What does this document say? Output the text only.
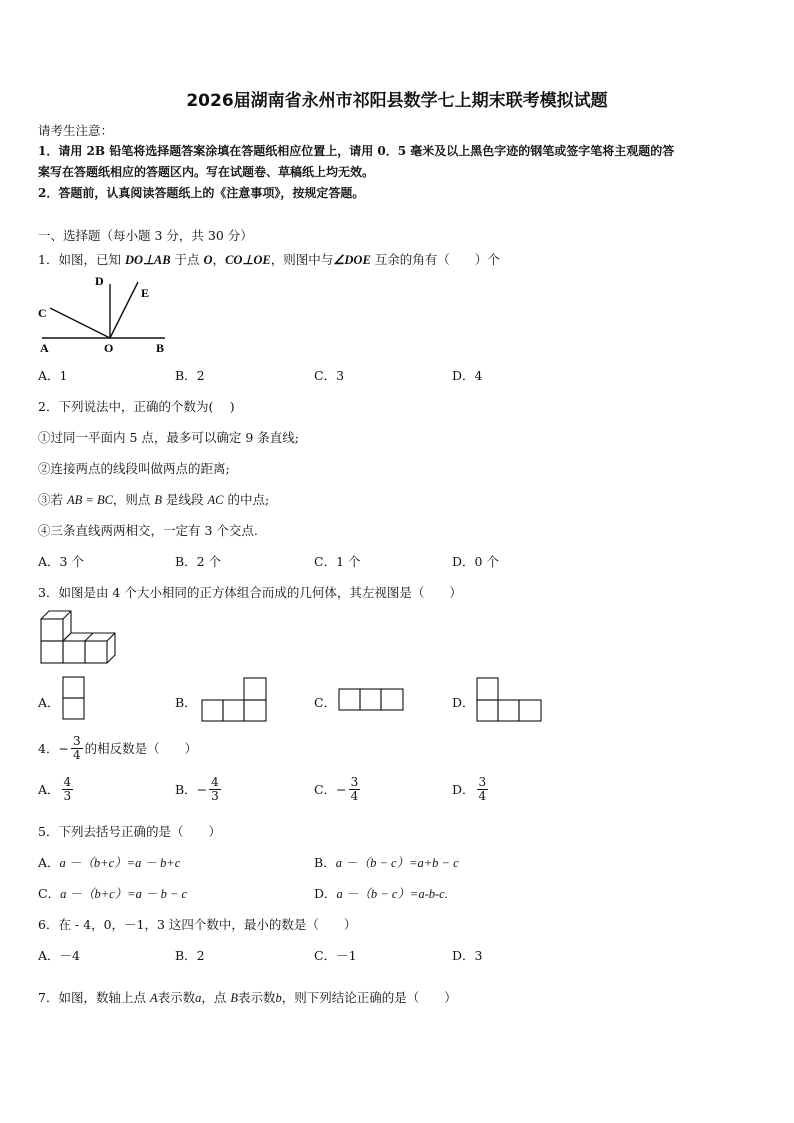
2026届湖南省永州市祁阳县数学七上期末联考模拟试题
请考生注意：
1．请用 2B 铅笔将选择题答案涂填在答题纸相应位置上，请用 0．5 毫米及以上黑色字迹的钢笔或签字笔将主观题的答
案写在答题纸相应的答题区内。写在试题卷、草稿纸上均无效。
2．答题前，认真阅读答题纸上的《注意事项》，按规定答题。
一、选择题（每小题 3 分，共 30 分）
1．如图，已知 DO⊥AB 于点 O，CO⊥OE，则图中与∠DOE 互余的角有（　　）个
A	O	B
C
D
E
A．1	B．2	C．3	D．4
2．下列说法中，正确的个数为(　 )
①过同一平面内 5 点，最多可以确定 9 条直线;
②连接两点的线段叫做两点的距离;
③若 AB = BC，则点 B 是线段 AC 的中点;
④三条直线两两相交，一定有 3 个交点.
A．3 个	B．2 个	C．1 个	D．0 个
3．如图是由 4 个大小相同的正方体组合而成的几何体，其左视图是（　　）
A．	B．	C．	D．
4． − $\frac{3}{4}$ 的相反数是（　　）
A． $\frac{4}{3}$	B． − $\frac{4}{3}$	C． − $\frac{3}{4}$	D． $\frac{3}{4}$
5．下列去括号正确的是（　　）
A．a －（b+c）=a － b+c	B．a －（b − c）=a+b − c
C．a －（b+c）=a － b − c	D．a －（b − c）=a-b-c.
6．在 - 4，0，－1，3 这四个数中，最小的数是（　　）
A．－4	B．2	C．－1	D．3
7．如图，数轴上点 A表示数a，点 B表示数b，则下列结论正确的是（　　）
